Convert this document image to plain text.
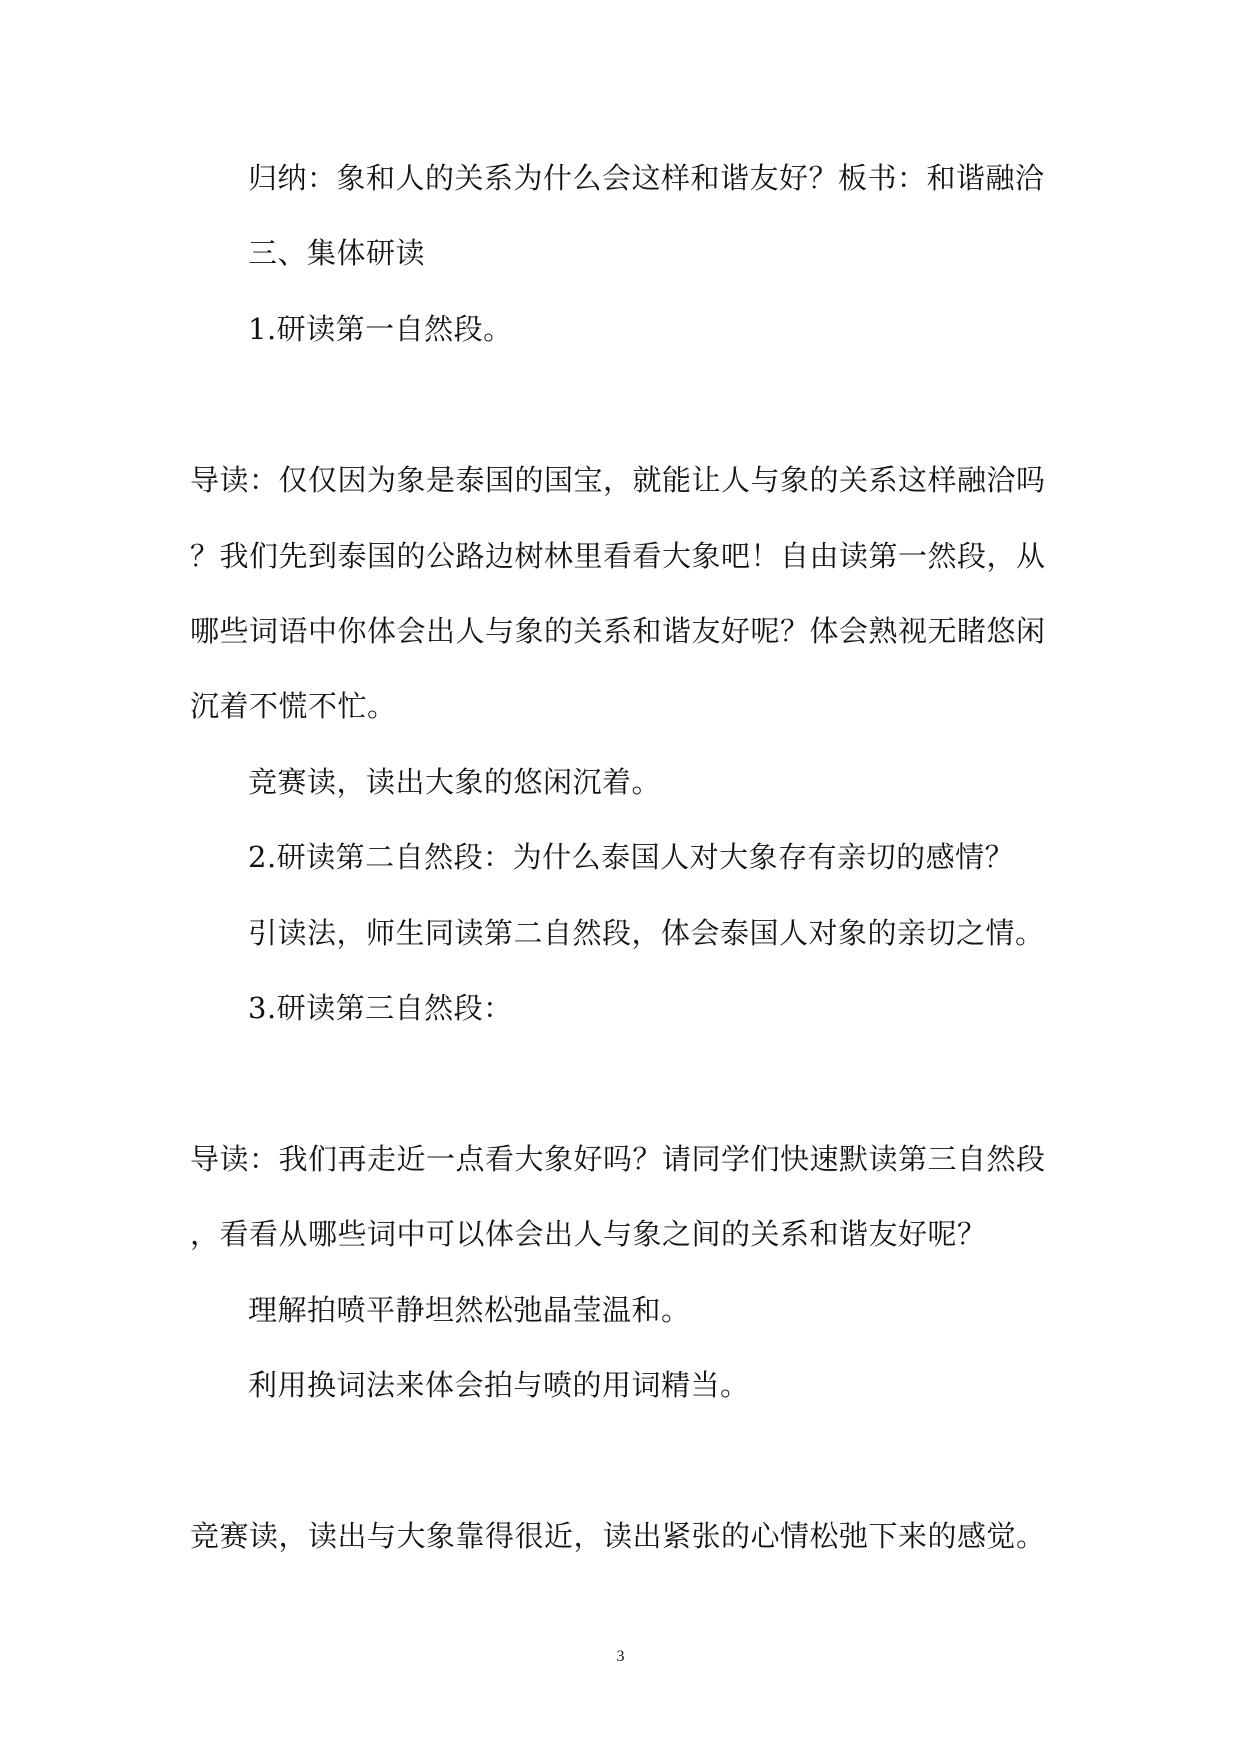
归纳：象和人的关系为什么会这样和谐友好？板书：和谐融洽
三、集体研读
1.研读第一自然段。
导读：仅仅因为象是泰国的国宝，就能让人与象的关系这样融洽吗
？我们先到泰国的公路边树林里看看大象吧！自由读第一然段，从
哪些词语中你体会出人与象的关系和谐友好呢？体会熟视无睹悠闲
沉着不慌不忙。
竞赛读，读出大象的悠闲沉着。
2.研读第二自然段：为什么泰国人对大象存有亲切的感情？
引读法，师生同读第二自然段，体会泰国人对象的亲切之情。
3.研读第三自然段：
导读：我们再走近一点看大象好吗？请同学们快速默读第三自然段
，看看从哪些词中可以体会出人与象之间的关系和谐友好呢？
理解拍喷平静坦然松弛晶莹温和。
利用换词法来体会拍与喷的用词精当。
竞赛读，读出与大象靠得很近，读出紧张的心情松弛下来的感觉。
3
